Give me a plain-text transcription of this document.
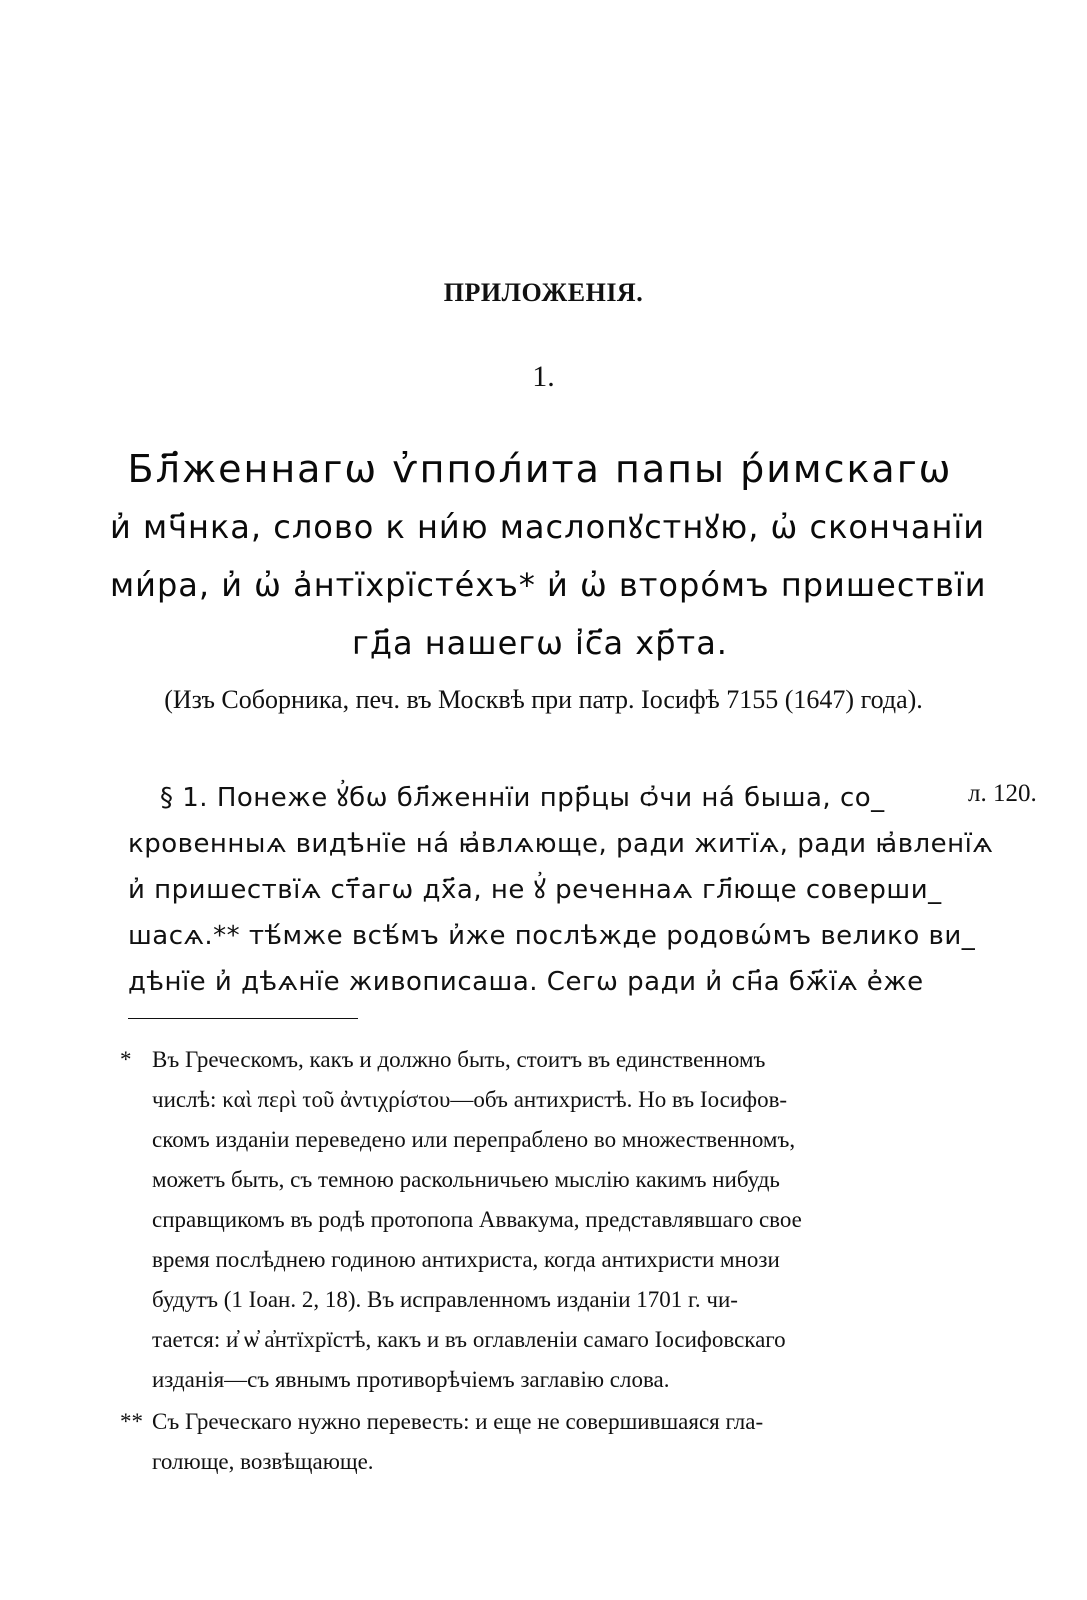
ПРИЛОЖЕНІЯ.
1.
Бл҃женнагѡ ѵ҆ппол́ита папы р́имскагѡ
и҆ мч҃нка, слово к ни́ю маслопꙋстнꙋю, ѡ҆ скончанїи
ми́ра, и҆ ѡ҆ а҆нтїхрїсте́хъ* и҆ ѡ҆ второ́мъ пришествїи
гд҃а нашегѡ і҆с҃а хр҃та.
(Изъ Соборника, печ. въ Москвѣ при патр. Іосифѣ 7155 (1647) года).
§ 1. Понеже ꙋ҆бѡ бл҃женнїи прр҃цы ѻ҆чи на́ быша, со_
кровенныѧ видѣнїе на́ ꙗ҆влѧюще, ради житїѧ, ради ꙗ҆вленїѧ
и҆ пришествїѧ ст҃агѡ дх҃а, не ꙋ҆ реченнаѧ гл҃юще соверши_
шасѧ.** тѣ́мже всѣ́мъ и҆же послѣжде родовѡ́мъ велико ви_
дѣнїе и҆ дѣѧнїе живописаша. Сегѡ ради и҆ сн҃а бж҃їѧ е҆же
л. 120.
* Въ Греческомъ, какъ и должно быть, стоитъ въ единственномъ
числѣ: καὶ περὶ τοῦ ἀντιχρίστου—объ антихристѣ. Но въ Іосифов-
скомъ изданіи переведено или перепраблено во множественномъ,
можетъ быть, съ темною раскольничьею мыслію какимъ нибудь
справщикомъ въ родѣ протопопа Аввакума, представлявшаго свое
время послѣднею годиною антихриста, когда антихристи мнози
будутъ (1 Іоан. 2, 18). Въ исправленномъ изданіи 1701 г. чи-
тается: и҆ ѡ҆ а҆нтїхрїстѣ, какъ и въ оглавленіи самаго Іосифовскаго
изданія—съ явнымъ противорѣчіемъ заглавію слова.
** Съ Греческаго нужно перевесть: и еще не совершившаяся гла-
голюще, возвѣщающе.
